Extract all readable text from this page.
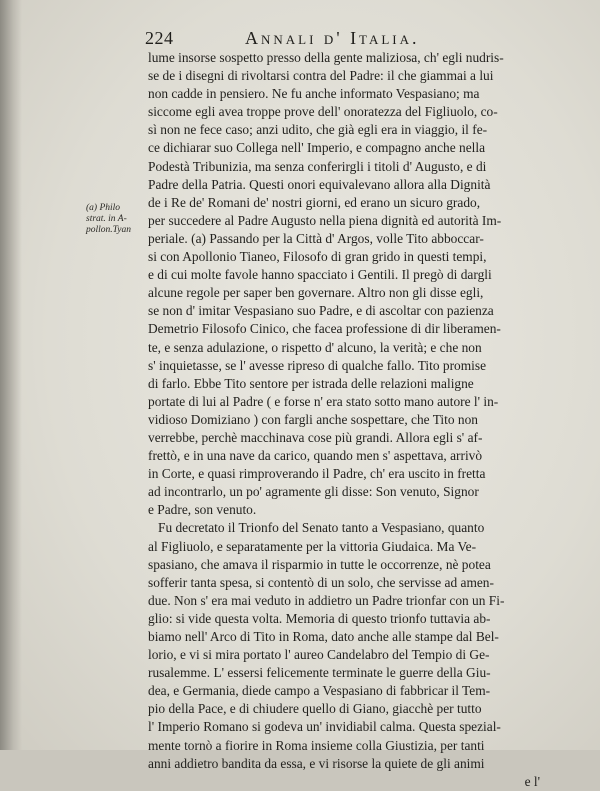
224	Annali d' Italia.
(a) Philo
strat. in A-
pollon.Tyan
lume insorse sospetto presso della gente maliziosa, ch' egli nudris-
se de i disegni di rivoltarsi contra del Padre: il che giammai a lui
non cadde in pensiero. Ne fu anche informato Vespasiano; ma
siccome egli avea troppe prove dell' onoratezza del Figliuolo, co-
sì non ne fece caso; anzi udito, che già egli era in viaggio, il fe-
ce dichiarar suo Collega nell' Imperio, e compagno anche nella
Podestà Tribunizia, ma senza conferirgli i titoli d' Augusto, e di
Padre della Patria. Questi onori equivalevano allora alla Dignità
de i Re de' Romani de' nostri giorni, ed erano un sicuro grado,
per succedere al Padre Augusto nella piena dignità ed autorità Im-
periale. (a) Passando per la Città d' Argos, volle Tito abboccar-
si con Apollonio Tianeo, Filosofo di gran grido in questi tempi,
e di cui molte favole hanno spacciato i Gentili. Il pregò di dargli
alcune regole per saper ben governare. Altro non gli disse egli,
se non d' imitar Vespasiano suo Padre, e di ascoltar con pazienza
Demetrio Filosofo Cinico, che facea professione di dir liberamen-
te, e senza adulazione, o rispetto d' alcuno, la verità; e che non
s' inquietasse, se l' avesse ripreso di qualche fallo. Tito promise
di farlo. Ebbe Tito sentore per istrada delle relazioni maligne
portate di lui al Padre ( e forse n' era stato sotto mano autore l' in-
vidioso Domiziano ) con fargli anche sospettare, che Tito non
verrebbe, perchè macchinava cose più grandi. Allora egli s' af-
frettò, e in una nave da carico, quando men s' aspettava, arrivò
in Corte, e quasi rimproverando il Padre, ch' era uscito in fretta
ad incontrarlo, un po' agramente gli disse: Son venuto, Signor
e Padre, son venuto.
Fu decretato il Trionfo del Senato tanto a Vespasiano, quanto
al Figliuolo, e separatamente per la vittoria Giudaica. Ma Ve-
spasiano, che amava il risparmio in tutte le occorrenze, nè potea
sofferir tanta spesa, si contentò di un solo, che servisse ad amen-
due. Non s' era mai veduto in addietro un Padre trionfar con un Fi-
glio: si vide questa volta. Memoria di questo trionfo tuttavia ab-
biamo nell' Arco di Tito in Roma, dato anche alle stampe dal Bel-
lorio, e vi si mira portato l' aureo Candelabro del Tempio di Ge-
rusalemme. L' essersi felicemente terminate le guerre della Giu-
dea, e Germania, diede campo a Vespasiano di fabbricar il Tem-
pio della Pace, e di chiudere quello di Giano, giacchè per tutto
l' Imperio Romano si godeva un' invidiabil calma. Questa spezial-
mente tornò a fiorire in Roma insieme colla Giustizia, per tanti
anni addietro bandita da essa, e vi risorse la quiete de gli animi
e l'
